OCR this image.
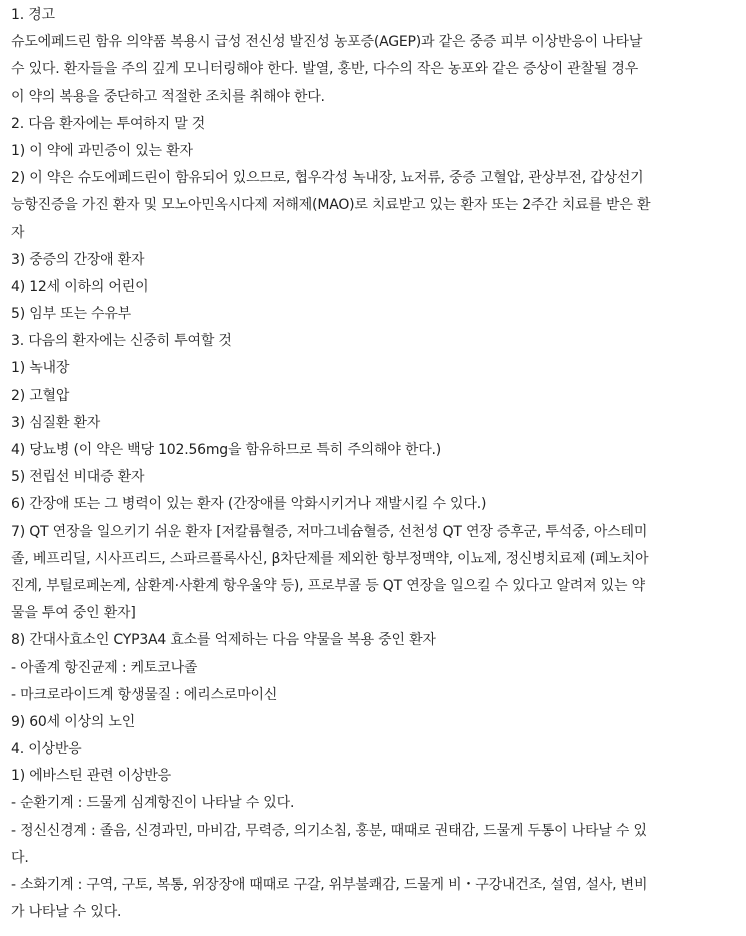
1. 경고
슈도에페드린 함유 의약품 복용시 급성 전신성 발진성 농포증(AGEP)과 같은 중증 피부 이상반응이 나타날
수 있다. 환자들을 주의 깊게 모니터링해야 한다. 발열, 홍반, 다수의 작은 농포와 같은 증상이 관찰될 경우
이 약의 복용을 중단하고 적절한 조치를 취해야 한다.
2. 다음 환자에는 투여하지 말 것
1) 이 약에 과민증이 있는 환자
2) 이 약은 슈도에페드린이 함유되어 있으므로, 협우각성 녹내장, 뇨저류, 중증 고혈압, 관상부전, 갑상선기
능항진증을 가진 환자 및 모노아민옥시다제 저해제(MAO)로 치료받고 있는 환자 또는 2주간 치료를 받은 환
자
3) 중증의 간장애 환자
4) 12세 이하의 어린이
5) 임부 또는 수유부
3. 다음의 환자에는 신중히 투여할 것
1) 녹내장
2) 고혈압
3) 심질환 환자
4) 당뇨병 (이 약은 백당 102.56mg을 함유하므로 특히 주의해야 한다.)
5) 전립선 비대증 환자
6) 간장애 또는 그 병력이 있는 환자 (간장애를 악화시키거나 재발시킬 수 있다.)
7) QT 연장을 일으키기 쉬운 환자 [저칼륨혈증, 저마그네슘혈증, 선천성 QT 연장 증후군, 투석중, 아스테미
졸, 베프리딜, 시사프리드, 스파르플록사신, β차단제를 제외한 항부정맥약, 이뇨제, 정신병치료제 (페노치아
진계, 부틸로페논계, 삼환계·사환계 항우울약 등), 프로부콜 등 QT 연장을 일으킬 수 있다고 알려져 있는 약
물을 투여 중인 환자]
8) 간대사효소인 CYP3A4 효소를 억제하는 다음 약물을 복용 중인 환자
- 아졸계 항진균제 : 케토코나졸
- 마크로라이드계 항생물질 : 에리스로마이신
9) 60세 이상의 노인
4. 이상반응
1) 에바스틴 관련 이상반응
- 순환기계 : 드물게 심계항진이 나타날 수 있다.
- 정신신경계 : 졸음, 신경과민, 마비감, 무력증, 의기소침, 홍분, 때때로 권태감, 드물게 두통이 나타날 수 있
다.
- 소화기계 : 구역, 구토, 복통, 위장장애 때때로 구갈, 위부불쾌감, 드물게 비・구강내건조, 설염, 설사, 변비
가 나타날 수 있다.
